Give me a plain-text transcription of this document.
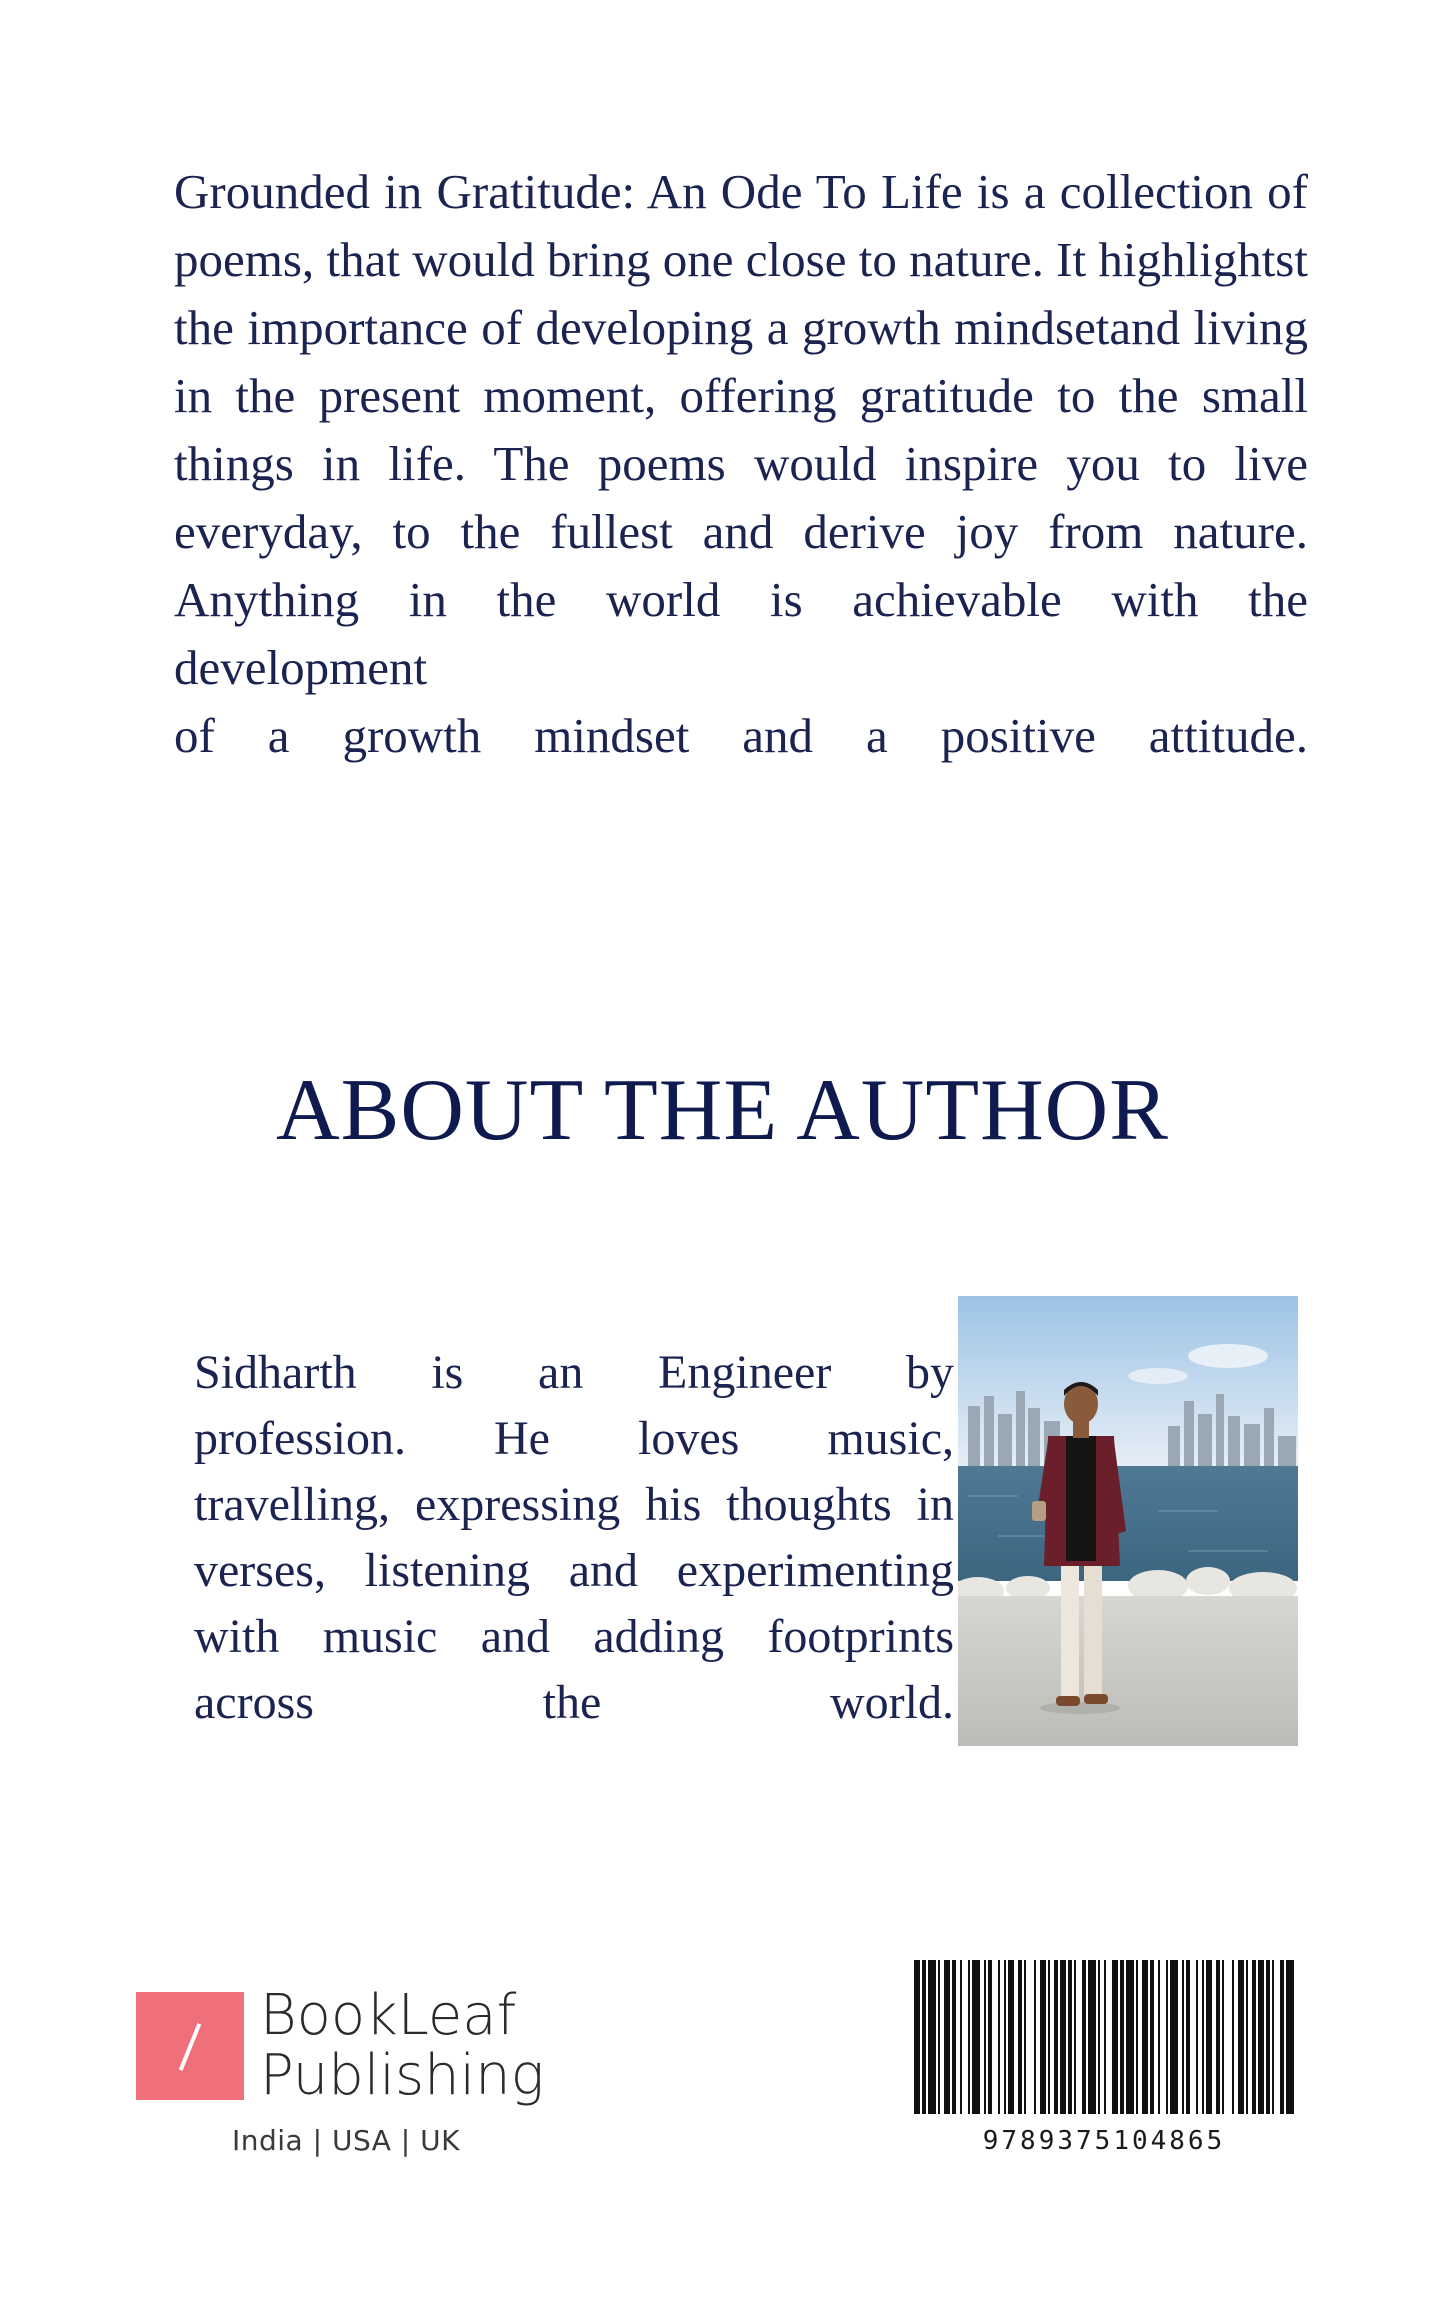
Grounded in Gratitude: An Ode To Life is a collection of
poems, that would bring one close to nature. It highlightst
the importance of developing a growth mindsetand living
in the present moment, offering gratitude to the small
things in life. The poems would inspire you to live
everyday, to the fullest and derive joy from nature.
Anything in the world is achievable with the development
of a growth mindset and a positive attitude.
ABOUT THE AUTHOR
Sidharth is an Engineer by
profession. He loves music,
travelling, expressing his thoughts in
verses, listening and experimenting
with music and adding footprints
across the world.
BookLeaf
Publishing
India | USA | UK	9789375104865
